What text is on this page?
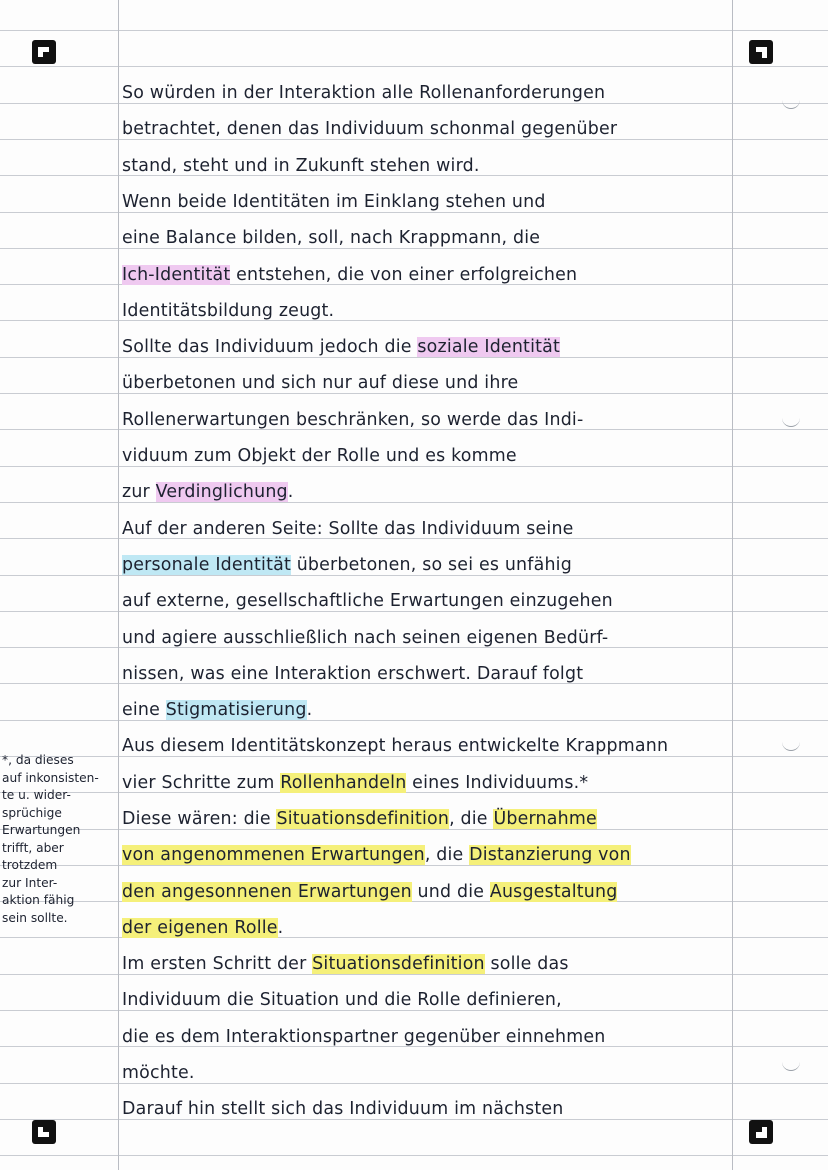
So würden in der Interaktion alle Rollenanforderungen
betrachtet, denen das Individuum schonmal gegenüber
stand, steht und in Zukunft stehen wird.
Wenn beide Identitäten im Einklang stehen und
eine Balance bilden, soll, nach Krappmann, die
Ich-Identität entstehen, die von einer erfolgreichen
Identitätsbildung zeugt.
Sollte das Individuum jedoch die soziale Identität
überbetonen und sich nur auf diese und ihre
Rollenerwartungen beschränken, so werde das Indi-
viduum zum Objekt der Rolle und es komme
zur Verdinglichung.
Auf der anderen Seite: Sollte das Individuum seine
personale Identität überbetonen, so sei es unfähig
auf externe, gesellschaftliche Erwartungen einzugehen
und agiere ausschließlich nach seinen eigenen Bedürf-
nissen, was eine Interaktion erschwert. Darauf folgt
eine Stigmatisierung.
Aus diesem Identitätskonzept heraus entwickelte Krappmann
vier Schritte zum Rollenhandeln eines Individuums.*
Diese wären: die Situationsdefinition, die Übernahme
von angenommenen Erwartungen, die Distanzierung von
den angesonnenen Erwartungen und die Ausgestaltung
der eigenen Rolle.
Im ersten Schritt der Situationsdefinition solle das
Individuum die Situation und die Rolle definieren,
die es dem Interaktionspartner gegenüber einnehmen
möchte.
Darauf hin stellt sich das Individuum im nächsten
*, da dieses
auf inkonsisten-
te u. wider-
sprüchige
Erwartungen
trifft, aber
trotzdem
zur Inter-
aktion fähig
sein sollte.
